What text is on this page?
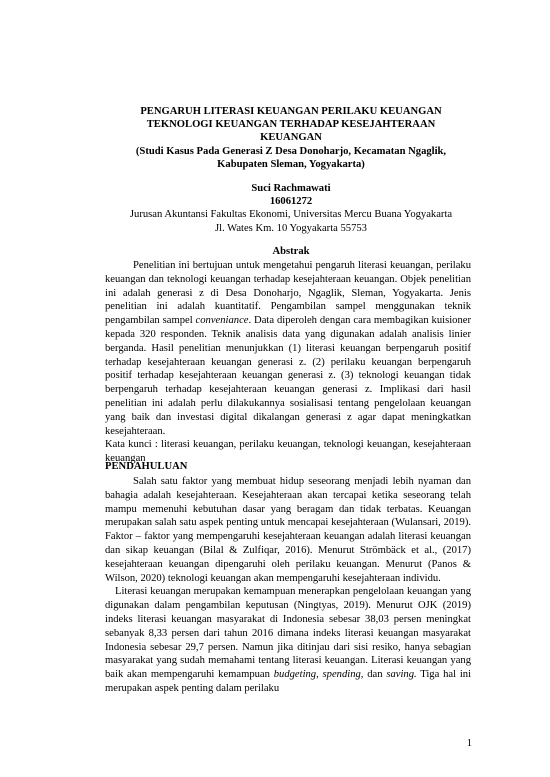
PENGARUH LITERASI KEUANGAN PERILAKU KEUANGAN
TEKNOLOGI KEUANGAN TERHADAP KESEJAHTERAAN
KEUANGAN
(Studi Kasus Pada Generasi Z Desa Donoharjo, Kecamatan Ngaglik,
Kabupaten Sleman, Yogyakarta)
Suci Rachmawati
16061272
Jurusan Akuntansi Fakultas Ekonomi, Universitas Mercu Buana Yogyakarta
Jl. Wates Km. 10 Yogyakarta 55753
Abstrak

Penelitian ini bertujuan untuk mengetahui pengaruh literasi keuangan, perilaku keuangan dan teknologi keuangan terhadap kesejahteraan keuangan. Objek penelitian ini adalah generasi z di Desa Donoharjo, Ngaglik, Sleman, Yogyakarta. Jenis penelitian ini adalah kuantitatif. Pengambilan sampel menggunakan teknik pengambilan sampel conveniance. Data diperoleh dengan cara membagikan kuisioner kepada 320 responden. Teknik analisis data yang digunakan adalah analisis linier berganda. Hasil penelitian menunjukkan (1) literasi keuangan berpengaruh positif terhadap kesejahteraan keuangan generasi z. (2) perilaku keuangan berpengaruh positif terhadap kesejahteraan keuangan generasi z. (3) teknologi keuangan tidak berpengaruh terhadap kesejahteraan keuangan generasi z. Implikasi dari hasil penelitian ini adalah perlu dilakukannya sosialisasi tentang pengelolaan keuangan yang baik dan investasi digital dikalangan generasi z agar dapat meningkatkan kesejahteraan.

Kata kunci : literasi keuangan, perilaku keuangan, teknologi keuangan, kesejahteraan keuangan

PENDAHULUAN

Salah satu faktor yang membuat hidup seseorang menjadi lebih nyaman dan bahagia adalah kesejahteraan. Kesejahteraan akan tercapai ketika seseorang telah mampu memenuhi kebutuhan dasar yang beragam dan tidak terbatas. Keuangan merupakan salah satu aspek penting untuk mencapai kesejahteraan (Wulansari, 2019). Faktor – faktor yang mempengaruhi kesejahteraan keuangan adalah literasi keuangan dan sikap keuangan (Bilal & Zulfiqar, 2016). Menurut Strömbäck et al., (2017) kesejahteraan keuangan dipengaruhi oleh perilaku keuangan. Menurut (Panos & Wilson, 2020) teknologi keuangan akan mempengaruhi kesejahteraan individu.

Literasi keuangan merupakan kemampuan menerapkan pengelolaan keuangan yang digunakan dalam pengambilan keputusan (Ningtyas, 2019). Menurut OJK (2019) indeks literasi keuangan masyarakat di Indonesia sebesar 38,03 persen meningkat sebanyak 8,33 persen dari tahun 2016 dimana indeks literasi keuangan masyarakat Indonesia sebesar 29,7 persen. Namun jika ditinjau dari sisi resiko, hanya sebagian masyarakat yang sudah memahami tentang literasi keuangan. Literasi keuangan yang baik akan mempengaruhi kemampuan budgeting, spending, dan saving. Tiga hal ini merupakan aspek penting dalam perilaku

1
